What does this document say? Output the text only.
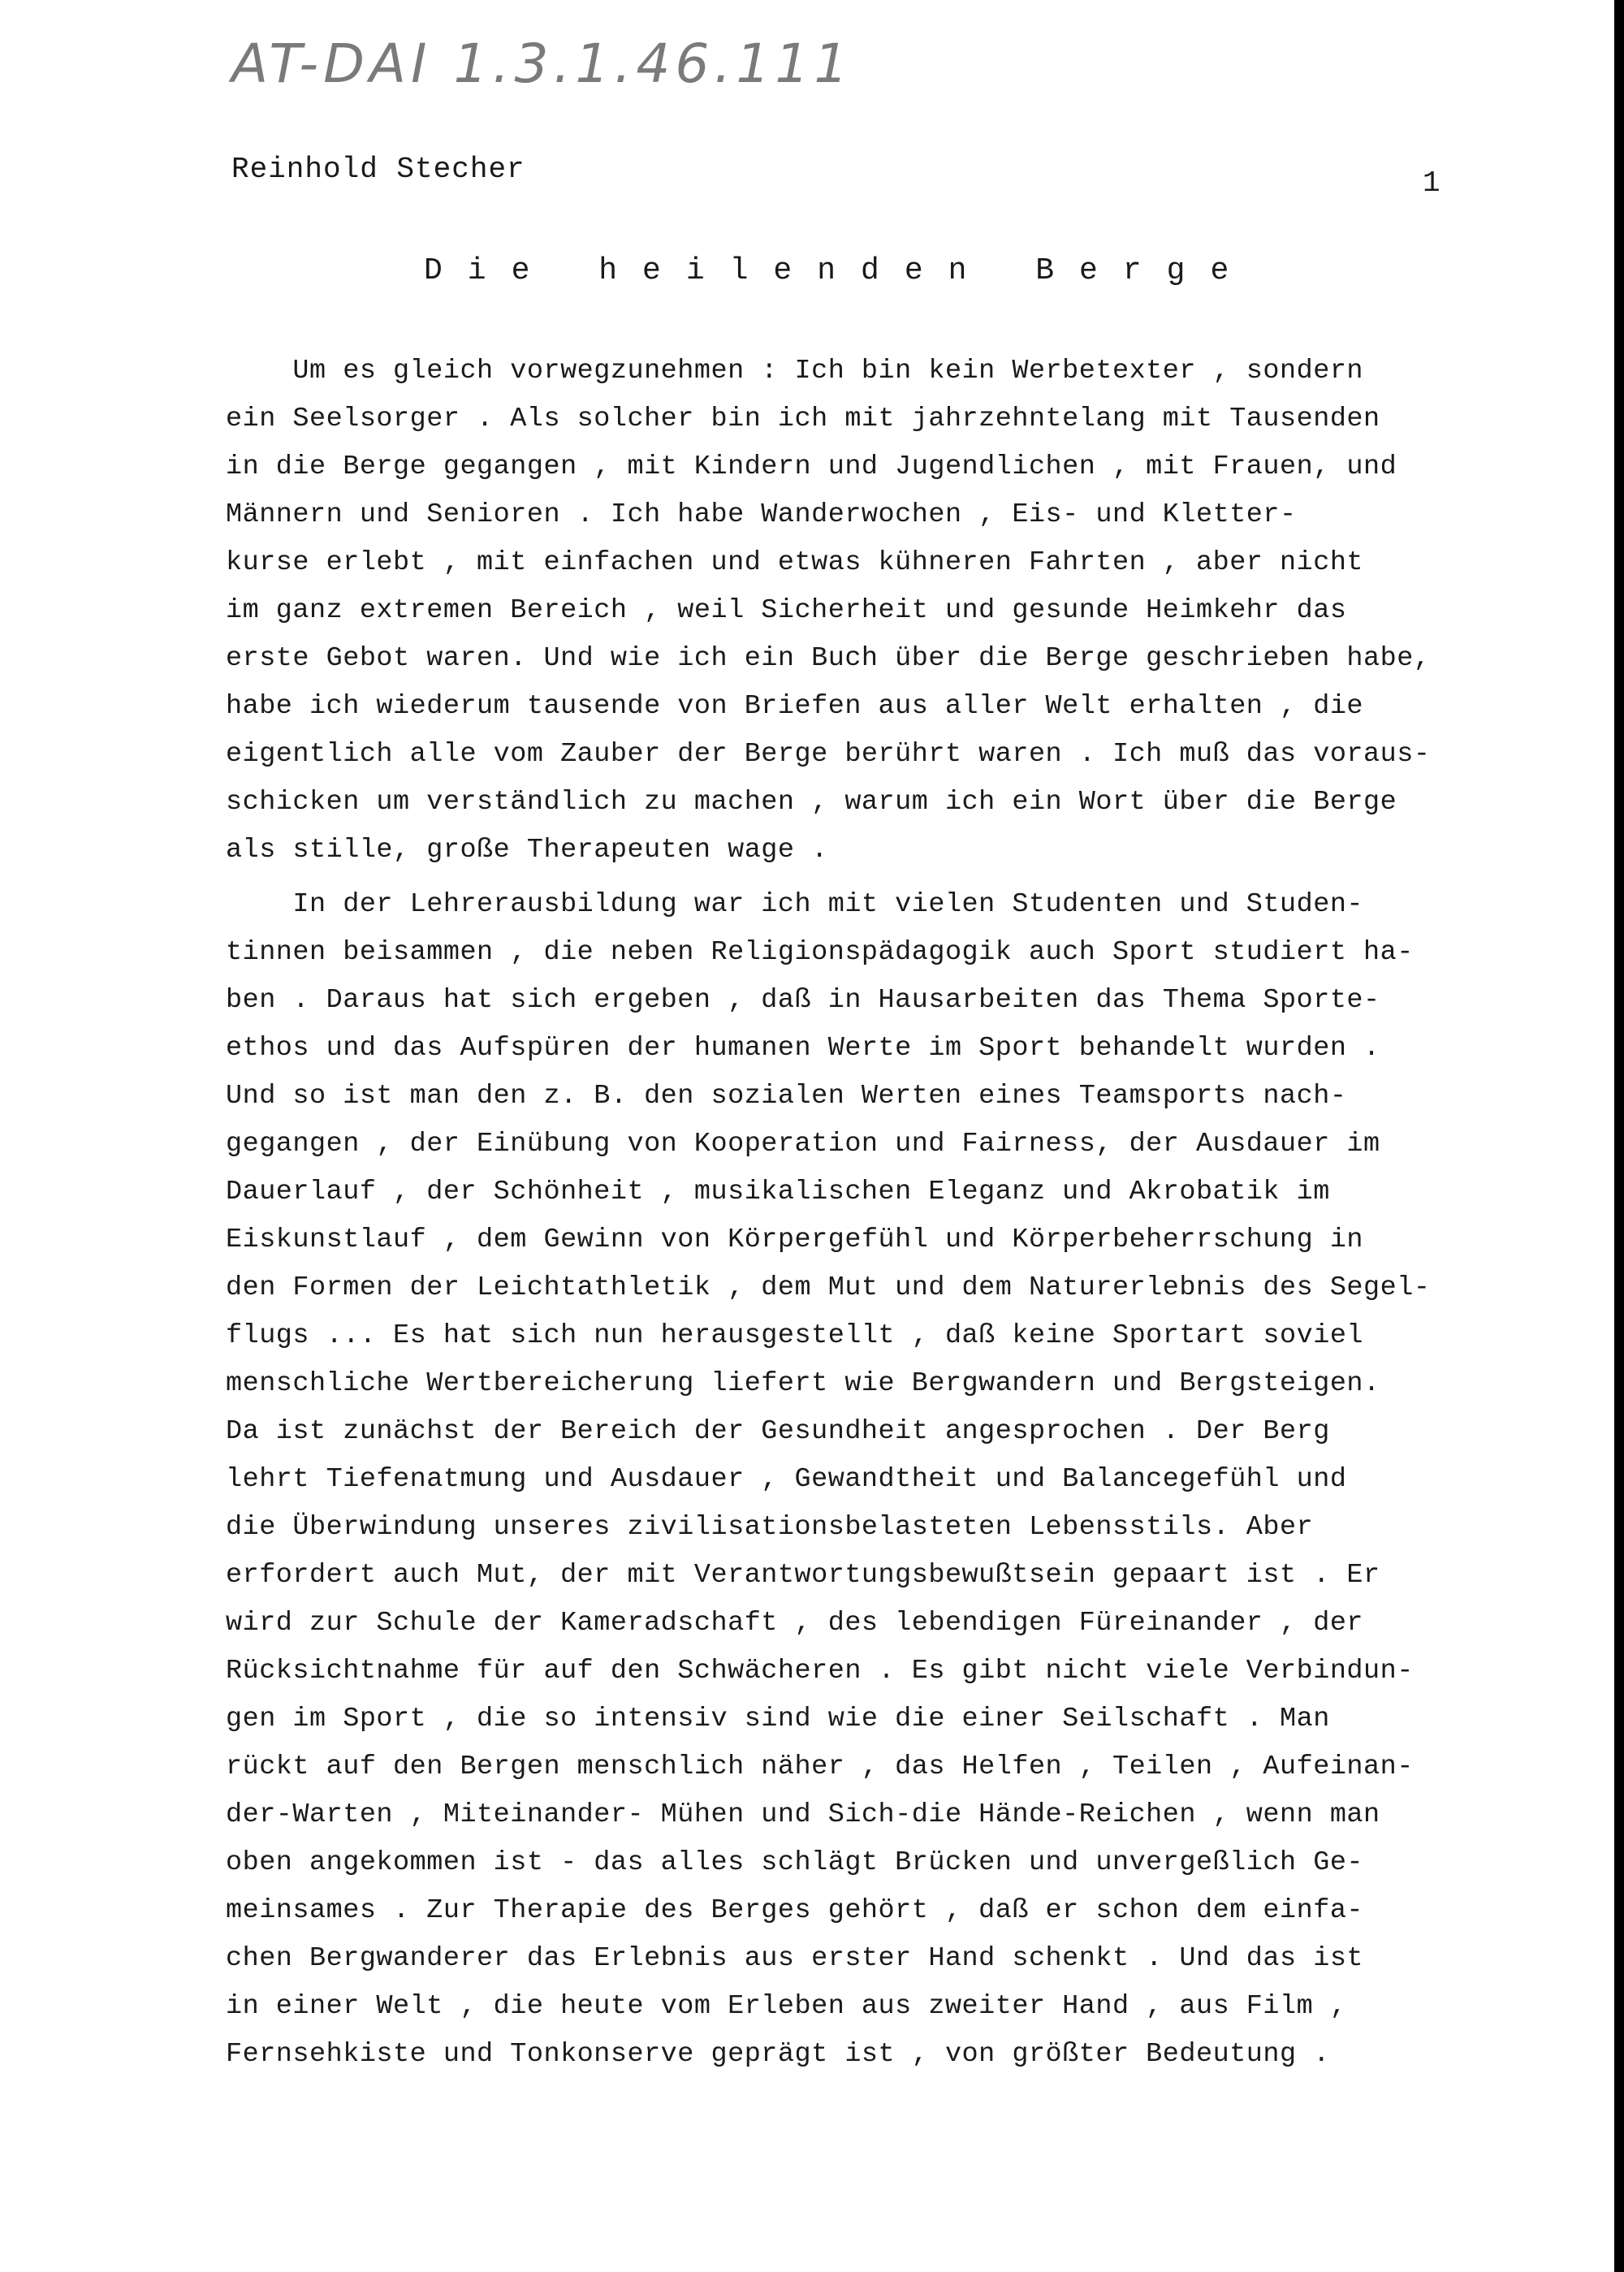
AT-DAI 1.3.1.46.111
Reinhold Stecher	1
Die heilenden Berge
Um es gleich vorwegzunehmen : Ich bin kein Werbetexter , sondern
ein Seelsorger . Als solcher bin ich mit jahrzehntelang mit Tausenden
in die Berge gegangen , mit Kindern und Jugendlichen , mit Frauen, und
Männern und Senioren . Ich habe Wanderwochen , Eis- und Kletter-
kurse erlebt , mit einfachen und etwas kühneren Fahrten , aber nicht
im ganz extremen Bereich , weil Sicherheit und gesunde Heimkehr das
erste Gebot waren. Und wie ich ein Buch über die Berge geschrieben habe,
habe ich wiederum tausende von Briefen aus aller Welt erhalten , die
eigentlich alle vom Zauber der Berge berührt waren . Ich muß das voraus-
schicken um verständlich zu machen , warum ich ein Wort über die Berge
als stille, große Therapeuten wage .
In der Lehrerausbildung war ich mit vielen Studenten und Studen-
tinnen beisammen , die neben Religionspädagogik auch Sport studiert ha-
ben . Daraus hat sich ergeben , daß in Hausarbeiten das Thema Sporte-
ethos und das Aufspüren der humanen Werte im Sport behandelt wurden .
Und so ist man den z. B. den sozialen Werten eines Teamsports nach-
gegangen , der Einübung von Kooperation und Fairness, der Ausdauer im
Dauerlauf , der Schönheit , musikalischen Eleganz und Akrobatik im
Eiskunstlauf , dem Gewinn von Körpergefühl und Körperbeherrschung in
den Formen der Leichtathletik , dem Mut und dem Naturerlebnis des Segel-
flugs ... Es hat sich nun herausgestellt , daß keine Sportart soviel
menschliche Wertbereicherung liefert wie Bergwandern und Bergsteigen.
Da ist zunächst der Bereich der Gesundheit angesprochen . Der Berg
lehrt Tiefenatmung und Ausdauer , Gewandtheit und Balancegefühl und
die Überwindung unseres zivilisationsbelasteten Lebensstils. Aber
erfordert auch Mut, der mit Verantwortungsbewußtsein gepaart ist . Er
wird zur Schule der Kameradschaft , des lebendigen Füreinander , der
Rücksichtnahme für auf den Schwächeren . Es gibt nicht viele Verbindun-
gen im Sport , die so intensiv sind wie die einer Seilschaft . Man
rückt auf den Bergen menschlich näher , das Helfen , Teilen , Aufeinan-
der-Warten , Miteinander- Mühen und Sich-die Hände-Reichen , wenn man
oben angekommen ist - das alles schlägt Brücken und unvergeßlich Ge-
meinsames . Zur Therapie des Berges gehört , daß er schon dem einfa-
chen Bergwanderer das Erlebnis aus erster Hand schenkt . Und das ist
in einer Welt , die heute vom Erleben aus zweiter Hand , aus Film ,
Fernsehkiste und Tonkonserve geprägt ist , von größter Bedeutung .
